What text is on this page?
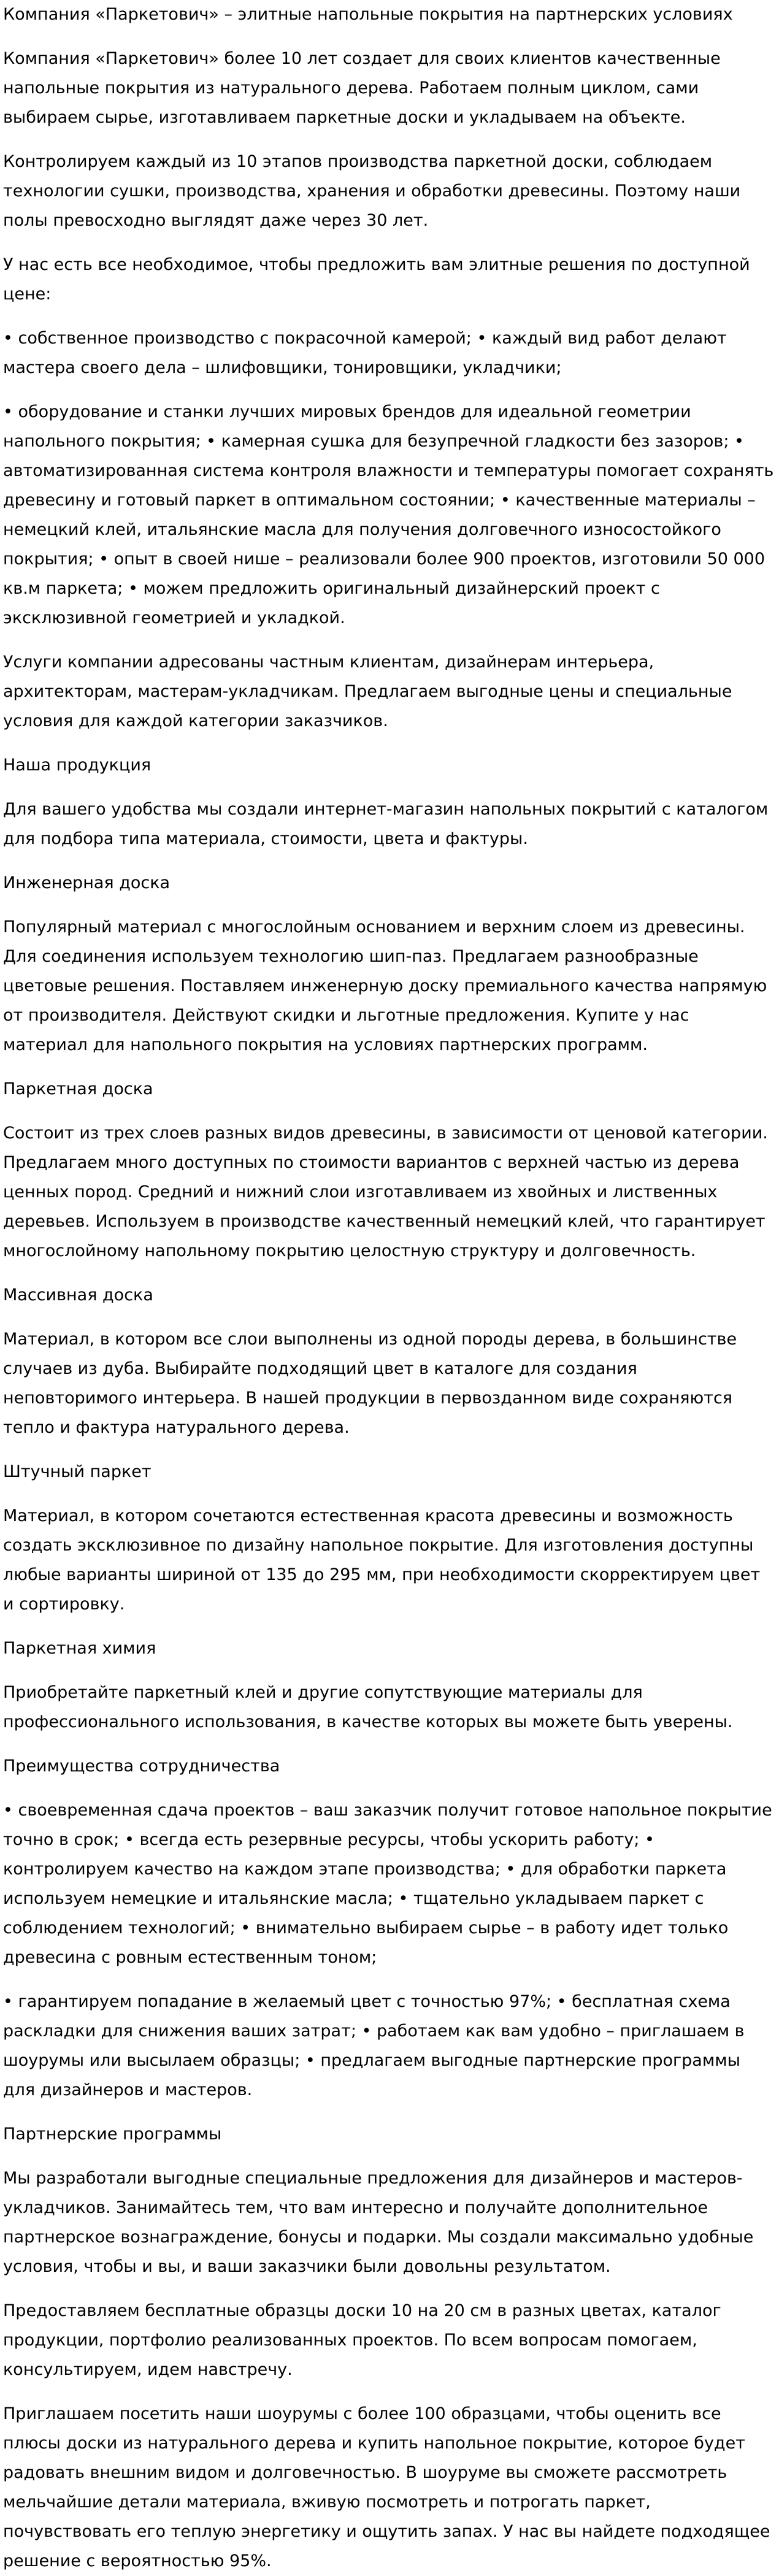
Компания «Паркетович» – элитные напольные покрытия на партнерских условиях

Компания «Паркетович» более 10 лет создает для своих клиентов качественные напольные покрытия из натурального дерева. Работаем полным циклом, сами выбираем сырье, изготавливаем паркетные доски и укладываем на объекте.

Контролируем каждый из 10 этапов производства паркетной доски, соблюдаем технологии сушки, производства, хранения и обработки древесины. Поэтому наши полы превосходно выглядят даже через 30 лет.

У нас есть все необходимое, чтобы предложить вам элитные решения по доступной цене:

• собственное производство с покрасочной камерой; • каждый вид работ делают мастера своего дела – шлифовщики, тонировщики, укладчики;

• оборудование и станки лучших мировых брендов для идеальной геометрии напольного покрытия; • камерная сушка для безупречной гладкости без зазоров; • автоматизированная система контроля влажности и температуры помогает сохранять древесину и готовый паркет в оптимальном состоянии; • качественные материалы – немецкий клей, итальянские масла для получения долговечного износостойкого покрытия; • опыт в своей нише – реализовали более 900 проектов, изготовили 50 000 кв.м паркета; • можем предложить оригинальный дизайнерский проект с эксклюзивной геометрией и укладкой.

Услуги компании адресованы частным клиентам, дизайнерам интерьера, архитекторам, мастерам-укладчикам. Предлагаем выгодные цены и специальные условия для каждой категории заказчиков.

Наша продукция

Для вашего удобства мы создали интернет-магазин напольных покрытий с каталогом для подбора типа материала, стоимости, цвета и фактуры.

Инженерная доска

Популярный материал с многослойным основанием и верхним слоем из древесины. Для соединения используем технологию шип-паз. Предлагаем разнообразные цветовые решения. Поставляем инженерную доску премиального качества напрямую от производителя. Действуют скидки и льготные предложения. Купите у нас материал для напольного покрытия на условиях партнерских программ.

Паркетная доска

Состоит из трех слоев разных видов древесины, в зависимости от ценовой категории. Предлагаем много доступных по стоимости вариантов с верхней частью из дерева ценных пород. Средний и нижний слои изготавливаем из хвойных и лиственных деревьев. Используем в производстве качественный немецкий клей, что гарантирует многослойному напольному покрытию целостную структуру и долговечность.

Массивная доска

Материал, в котором все слои выполнены из одной породы дерева, в большинстве случаев из дуба. Выбирайте подходящий цвет в каталоге для создания неповторимого интерьера. В нашей продукции в первозданном виде сохраняются тепло и фактура натурального дерева.

Штучный паркет

Материал, в котором сочетаются естественная красота древесины и возможность создать эксклюзивное по дизайну напольное покрытие. Для изготовления доступны любые варианты шириной от 135 до 295 мм, при необходимости скорректируем цвет и сортировку.

Паркетная химия

Приобретайте паркетный клей и другие сопутствующие материалы для профессионального использования, в качестве которых вы можете быть уверены.

Преимущества сотрудничества

• своевременная сдача проектов – ваш заказчик получит готовое напольное покрытие точно в срок; • всегда есть резервные ресурсы, чтобы ускорить работу; • контролируем качество на каждом этапе производства; • для обработки паркета используем немецкие и итальянские масла; • тщательно укладываем паркет с соблюдением технологий; • внимательно выбираем сырье – в работу идет только древесина с ровным естественным тоном;

• гарантируем попадание в желаемый цвет с точностью 97%; • бесплатная схема раскладки для снижения ваших затрат; • работаем как вам удобно – приглашаем в шоурумы или высылаем образцы; • предлагаем выгодные партнерские программы для дизайнеров и мастеров.

Партнерские программы

Мы разработали выгодные специальные предложения для дизайнеров и мастеров-укладчиков. Занимайтесь тем, что вам интересно и получайте дополнительное партнерское вознаграждение, бонусы и подарки. Мы создали максимально удобные условия, чтобы и вы, и ваши заказчики были довольны результатом.

Предоставляем бесплатные образцы доски 10 на 20 см в разных цветах, каталог продукции, портфолио реализованных проектов. По всем вопросам помогаем, консультируем, идем навстречу.

Приглашаем посетить наши шоурумы с более 100 образцами, чтобы оценить все плюсы доски из натурального дерева и купить напольное покрытие, которое будет радовать внешним видом и долговечностью. В шоуруме вы сможете рассмотреть мельчайшие детали материала, вживую посмотреть и потрогать паркет, почувствовать его теплую энергетику и ощутить запах. У нас вы найдете подходящее решение с вероятностью 95%.
